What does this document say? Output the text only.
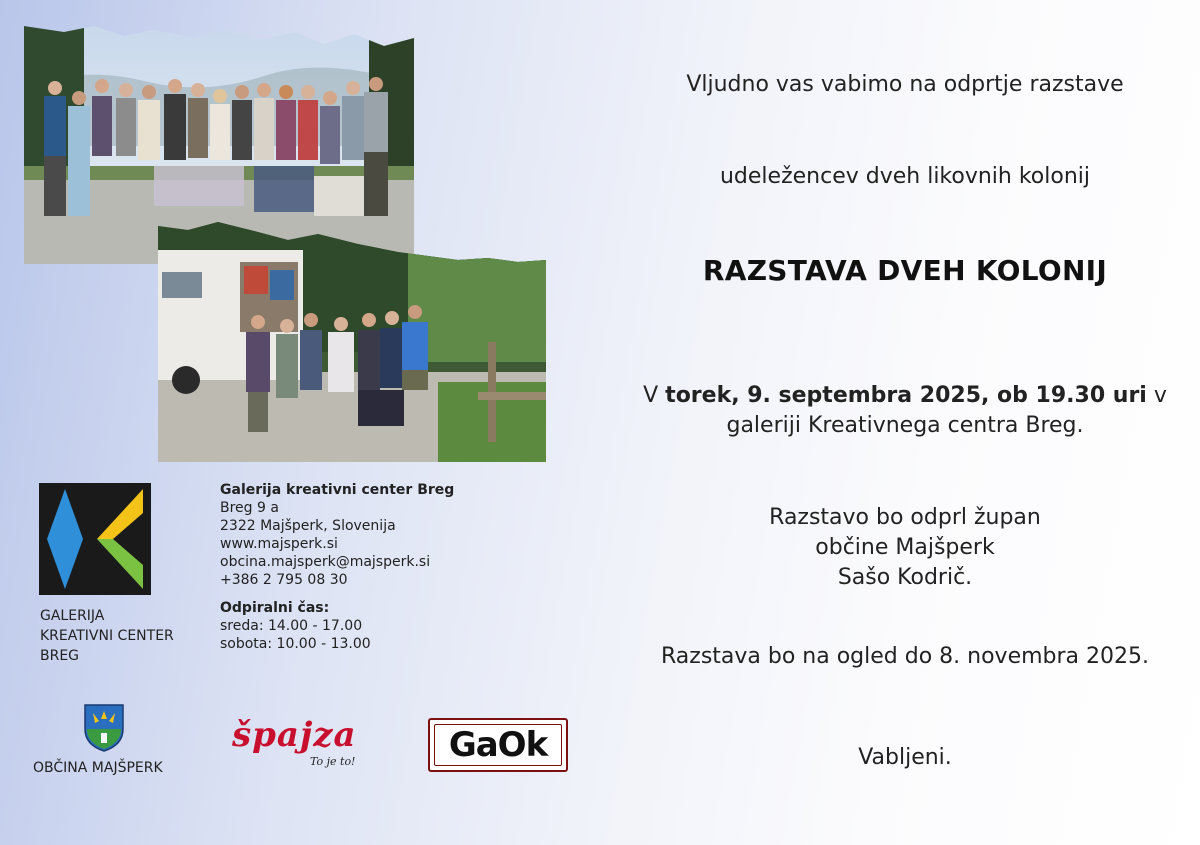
GALERIJA
KREATIVNI CENTER
BREG
Galerija kreativni center Breg
Breg 9 a
2322 Majšperk, Slovenija
www.majsperk.si
obcina.majsperk@majsperk.si
+386 2 795 08 30
Odpiralni čas:
sreda: 14.00 - 17.00
sobota: 10.00 - 13.00
OBČINA MAJŠPERK
špajza
To je to!	GaOk
Vljudno vas vabimo na odprtje razstave
udeležencev dveh likovnih kolonij
RAZSTAVA DVEH KOLONIJ
V torek, 9. septembra 2025, ob 19.30 uri v
galeriji Kreativnega centra Breg.
Razstavo bo odprl župan
občine Majšperk
Sašo Kodrič.
Razstava bo na ogled do 8. novembra 2025.
Vabljeni.
